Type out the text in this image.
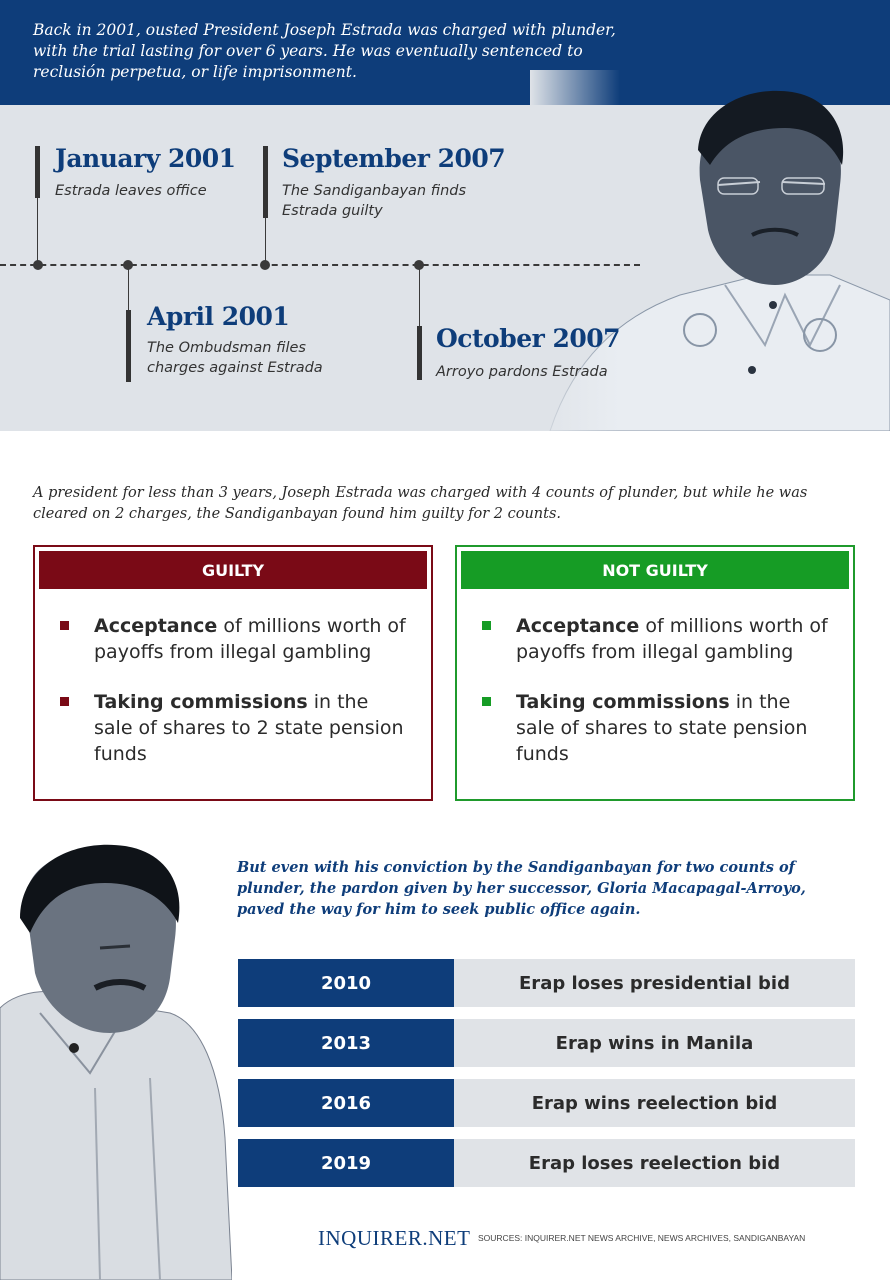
Back in 2001, ousted President Joseph Estrada was charged with plunder, with the trial lasting for over 6 years. He was eventually sentenced to reclusión perpetua, or life imprisonment.
January 2001
Estrada leaves office
April 2001
The Ombudsman files charges against Estrada
September 2007
The Sandiganbayan finds Estrada guilty
October 2007
Arroyo pardons Estrada
A president for less than 3 years, Joseph Estrada was charged with 4 counts of plunder, but while he was cleared on 2 charges, the Sandiganbayan found him guilty for 2 counts.
GUILTY
Acceptance of millions worth of payoffs from illegal gambling
Taking commissions in the sale of shares to 2 state pension funds
NOT GUILTY
Acceptance of millions worth of payoffs from illegal gambling
Taking commissions in the sale of shares to state pension funds
But even with his conviction by the Sandiganbayan for two counts of plunder, the pardon given by her successor, Gloria Macapagal-Arroyo, paved the way for him to seek public office again.
2010	Erap loses presidential bid
2013	Erap wins in Manila
2016	Erap wins reelection bid
2019	Erap loses reelection bid
INQUIRER.NET SOURCES: INQUIRER.NET NEWS ARCHIVE, NEWS ARCHIVES, SANDIGANBAYAN
